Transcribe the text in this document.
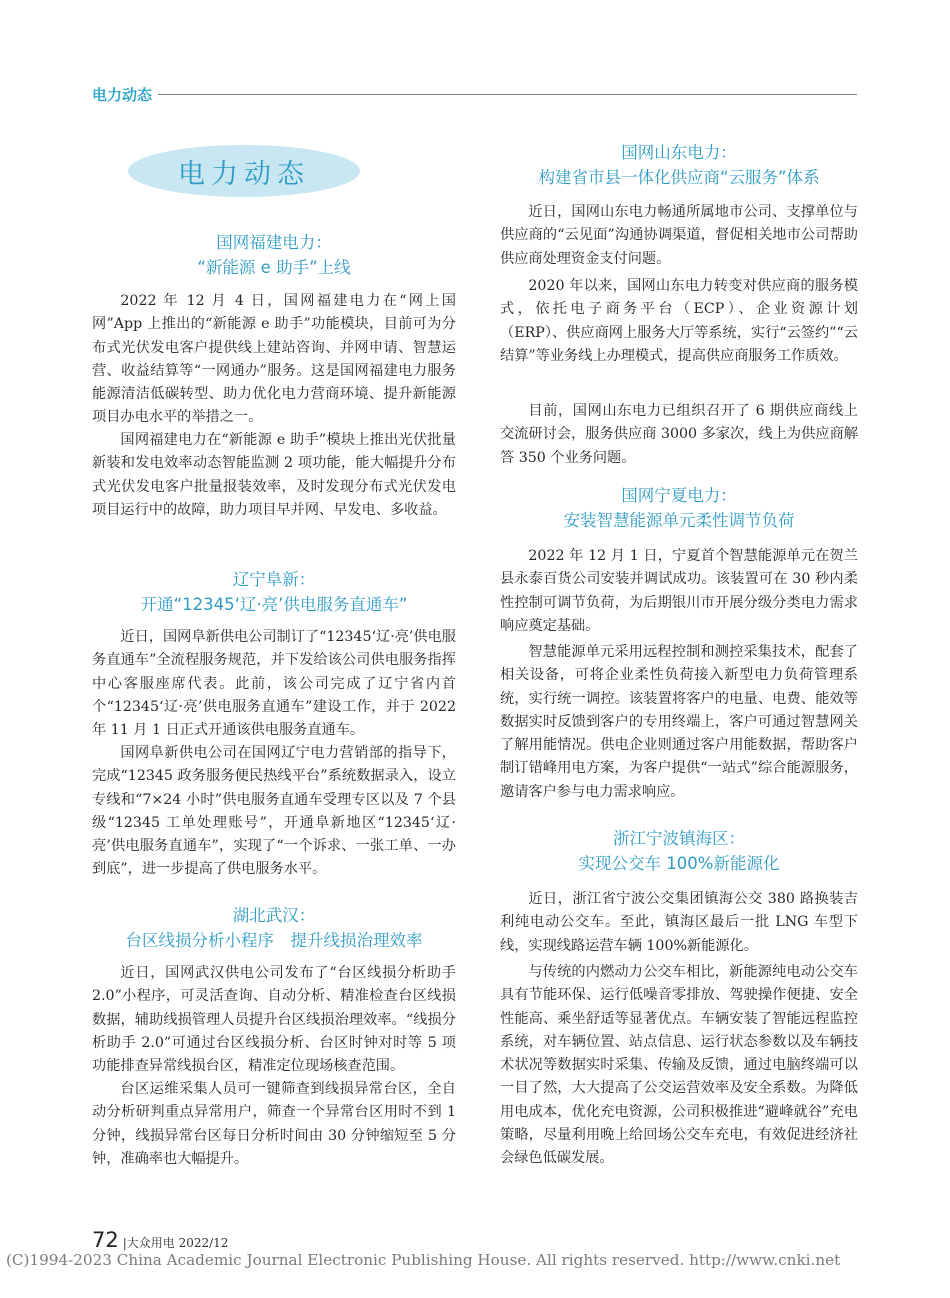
电力动态
电力动态
国网福建电力：
“新能源 e 助手”上线

2022 年 12 月 4 日，国网福建电力在“网上国网”App 上推出的“新能源 e 助手”功能模块，目前可为分布式光伏发电客户提供线上建站咨询、并网申请、智慧运营、收益结算等“一网通办”服务。这是国网福建电力服务能源清洁低碳转型、助力优化电力营商环境、提升新能源项目办电水平的举措之一。

国网福建电力在“新能源 e 助手”模块上推出光伏批量新装和发电效率动态智能监测 2 项功能，能大幅提升分布式光伏发电客户批量报装效率，及时发现分布式光伏发电项目运行中的故障，助力项目早并网、早发电、多收益。

辽宁阜新：
开通“12345‘辽·亮’供电服务直通车”

近日，国网阜新供电公司制订了“12345‘辽·亮’供电服务直通车”全流程服务规范，并下发给该公司供电服务指挥中心客服座席代表。此前，该公司完成了辽宁省内首个“12345‘辽·亮’供电服务直通车”建设工作，并于 2022 年 11 月 1 日正式开通该供电服务直通车。

国网阜新供电公司在国网辽宁电力营销部的指导下，完成“12345 政务服务便民热线平台”系统数据录入，设立专线和“7×24 小时”供电服务直通车受理专区以及 7 个县级“12345 工单处理账号”，开通阜新地区“12345‘辽·亮’供电服务直通车”，实现了“一个诉求、一张工单、一办到底”，进一步提高了供电服务水平。

湖北武汉：
台区线损分析小程序　提升线损治理效率

近日，国网武汉供电公司发布了“台区线损分析助手 2.0”小程序，可灵活查询、自动分析、精准检查台区线损数据，辅助线损管理人员提升台区线损治理效率。“线损分析助手 2.0”可通过台区线损分析、台区时钟对时等 5 项功能排查异常线损台区，精准定位现场核查范围。

台区运维采集人员可一键筛查到线损异常台区，全自动分析研判重点异常用户，筛查一个异常台区用时不到 1 分钟，线损异常台区每日分析时间由 30 分钟缩短至 5 分钟，准确率也大幅提升。

国网山东电力：
构建省市县一体化供应商“云服务”体系

近日，国网山东电力畅通所属地市公司、支撑单位与供应商的“云见面”沟通协调渠道，督促相关地市公司帮助供应商处理资金支付问题。

2020 年以来，国网山东电力转变对供应商的服务模式，依托电子商务平台（ECP）、企业资源计划（ERP）、供应商网上服务大厅等系统，实行“云签约”“云结算”等业务线上办理模式，提高供应商服务工作质效。

目前，国网山东电力已组织召开了 6 期供应商线上交流研讨会，服务供应商 3000 多家次，线上为供应商解答 350 个业务问题。

国网宁夏电力：
安装智慧能源单元柔性调节负荷

2022 年 12 月 1 日，宁夏首个智慧能源单元在贺兰县永泰百货公司安装并调试成功。该装置可在 30 秒内柔性控制可调节负荷，为后期银川市开展分级分类电力需求响应奠定基础。

智慧能源单元采用远程控制和测控采集技术，配套了相关设备，可将企业柔性负荷接入新型电力负荷管理系统，实行统一调控。该装置将客户的电量、电费、能效等数据实时反馈到客户的专用终端上，客户可通过智慧网关了解用能情况。供电企业则通过客户用能数据，帮助客户制订错峰用电方案，为客户提供“一站式”综合能源服务，邀请客户参与电力需求响应。

浙江宁波镇海区：
实现公交车 100%新能源化

近日，浙江省宁波公交集团镇海公交 380 路换装吉利纯电动公交车。至此，镇海区最后一批 LNG 车型下线，实现线路运营车辆 100%新能源化。

与传统的内燃动力公交车相比，新能源纯电动公交车具有节能环保、运行低噪音零排放、驾驶操作便捷、安全性能高、乘坐舒适等显著优点。车辆安装了智能远程监控系统，对车辆位置、站点信息、运行状态参数以及车辆技术状况等数据实时采集、传输及反馈，通过电脑终端可以一目了然，大大提高了公交运营效率及安全系数。为降低用电成本，优化充电资源，公司积极推进“避峰就谷”充电策略，尽量利用晚上给回场公交车充电，有效促进经济社会绿色低碳发展。

72 |大众用电 2022/12
(C)1994-2023 China Academic Journal Electronic Publishing House. All rights reserved. http://www.cnki.net
